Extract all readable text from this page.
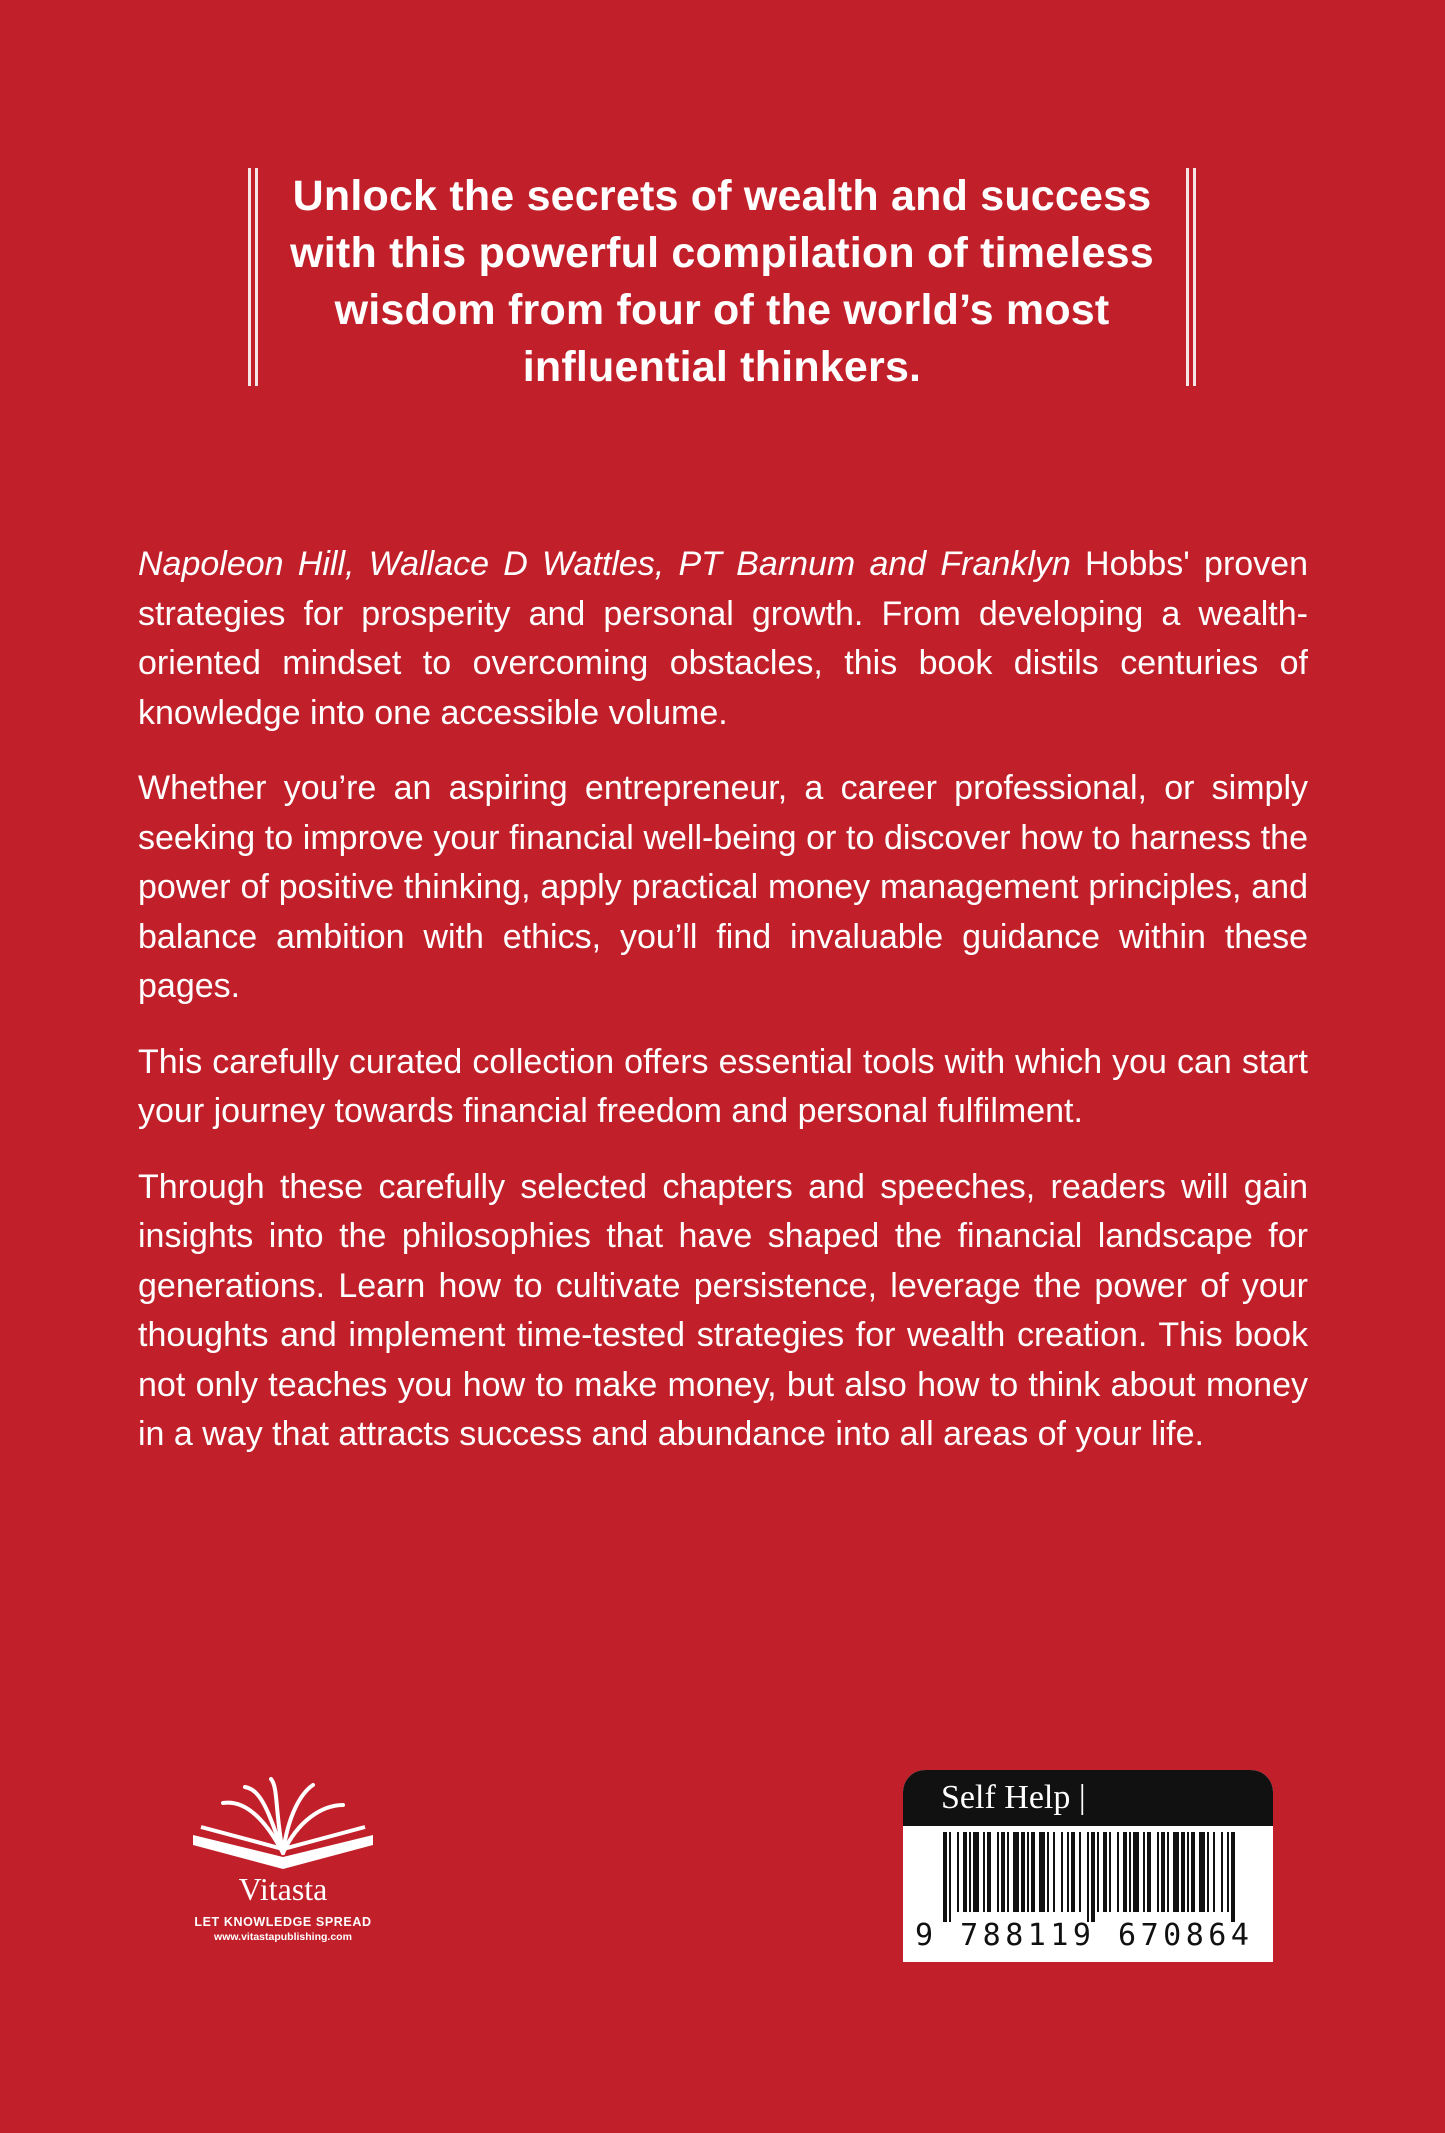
Unlock the secrets of wealth and success with this powerful compilation of timeless wisdom from four of the world’s most influential thinkers.

Napoleon Hill, Wallace D Wattles, PT Barnum and Franklyn Hobbs' proven strategies for prosperity and personal growth. From developing a wealth-oriented mindset to overcoming obstacles, this book distils centuries of knowledge into one accessible volume.

Whether you’re an aspiring entrepreneur, a career professional, or simply seeking to improve your financial well-being or to discover how to harness the power of positive thinking, apply practical money management principles, and balance ambition with ethics, you’ll find invaluable guidance within these pages.

This carefully curated collection offers essential tools with which you can start your journey towards financial freedom and personal fulfilment.

Through these carefully selected chapters and speeches, readers will gain insights into the philosophies that have shaped the financial landscape for generations. Learn how to cultivate persistence, leverage the power of your thoughts and implement time-tested strategies for wealth creation. This book not only teaches you how to make money, but also how to think about money in a way that attracts success and abundance into all areas of your life.

Vitasta
LET KNOWLEDGE SPREAD
www.vitastapublishing.com
Self Help |
9 788119 670864
